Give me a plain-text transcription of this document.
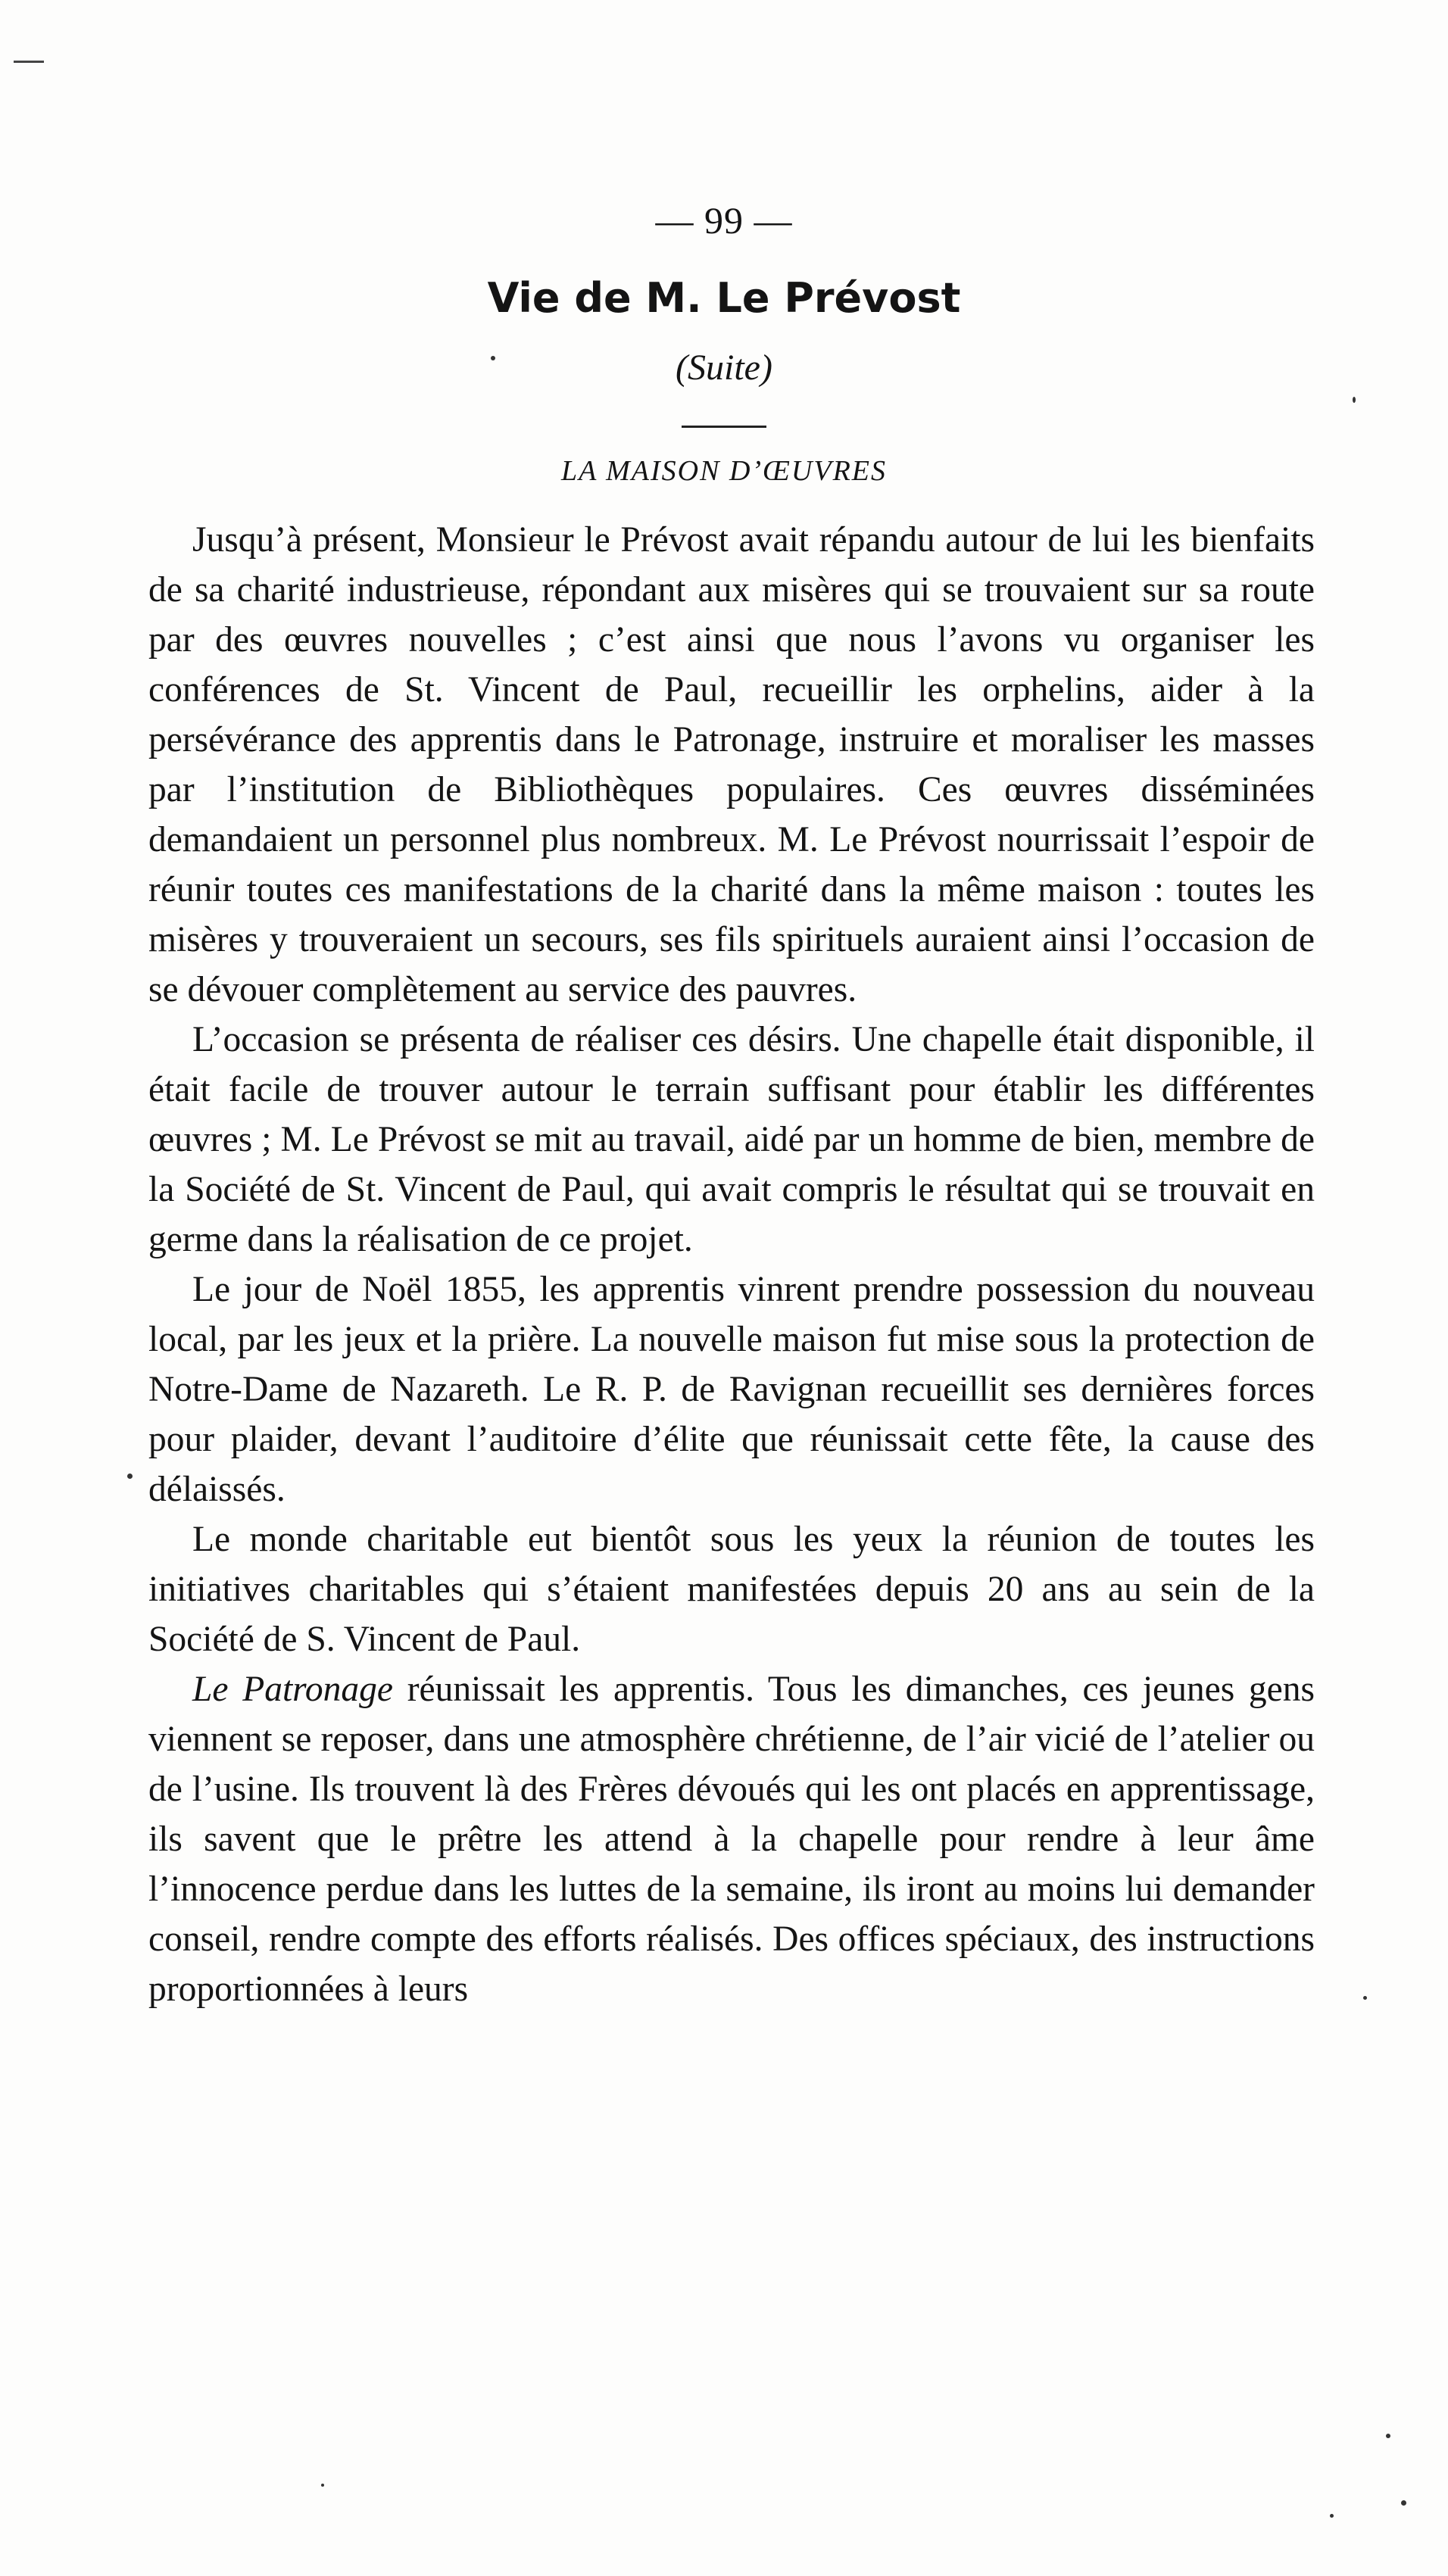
— 99 —
Vie de M. Le Prévost
(Suite)
LA MAISON D’ŒUVRES

Jusqu’à présent, Monsieur le Prévost avait répandu autour de lui les bienfaits de sa charité industrieuse, répondant aux misères qui se trouvaient sur sa route par des œuvres nouvelles ; c’est ainsi que nous l’avons vu organiser les conférences de St. Vincent de Paul, recueillir les orphelins, aider à la persévérance des apprentis dans le Patronage, instruire et moraliser les masses par l’institution de Bibliothèques populaires. Ces œuvres disséminées demandaient un personnel plus nombreux. M. Le Prévost nourrissait l’espoir de réunir toutes ces manifestations de la charité dans la même maison : toutes les misères y trouveraient un secours, ses fils spirituels auraient ainsi l’occasion de se dévouer complètement au service des pauvres.

L’occasion se présenta de réaliser ces désirs. Une chapelle était disponible, il était facile de trouver autour le terrain suffisant pour établir les différentes œuvres ; M. Le Prévost se mit au travail, aidé par un homme de bien, membre de la Société de St. Vincent de Paul, qui avait compris le résultat qui se trouvait en germe dans la réalisation de ce projet.

Le jour de Noël 1855, les apprentis vinrent prendre possession du nouveau local, par les jeux et la prière. La nouvelle maison fut mise sous la protection de Notre-Dame de Nazareth. Le R. P. de Ravignan recueillit ses dernières forces pour plaider, devant l’auditoire d’élite que réunissait cette fête, la cause des délaissés.

Le monde charitable eut bientôt sous les yeux la réunion de toutes les initiatives charitables qui s’étaient manifestées depuis 20 ans au sein de la Société de S. Vincent de Paul.

Le Patronage réunissait les apprentis. Tous les dimanches, ces jeunes gens viennent se reposer, dans une atmosphère chrétienne, de l’air vicié de l’atelier ou de l’usine. Ils trouvent là des Frères dévoués qui les ont placés en apprentissage, ils savent que le prêtre les attend à la chapelle pour rendre à leur âme l’innocence perdue dans les luttes de la semaine, ils iront au moins lui demander conseil, rendre compte des efforts réalisés. Des offices spéciaux, des instructions proportionnées à leurs
